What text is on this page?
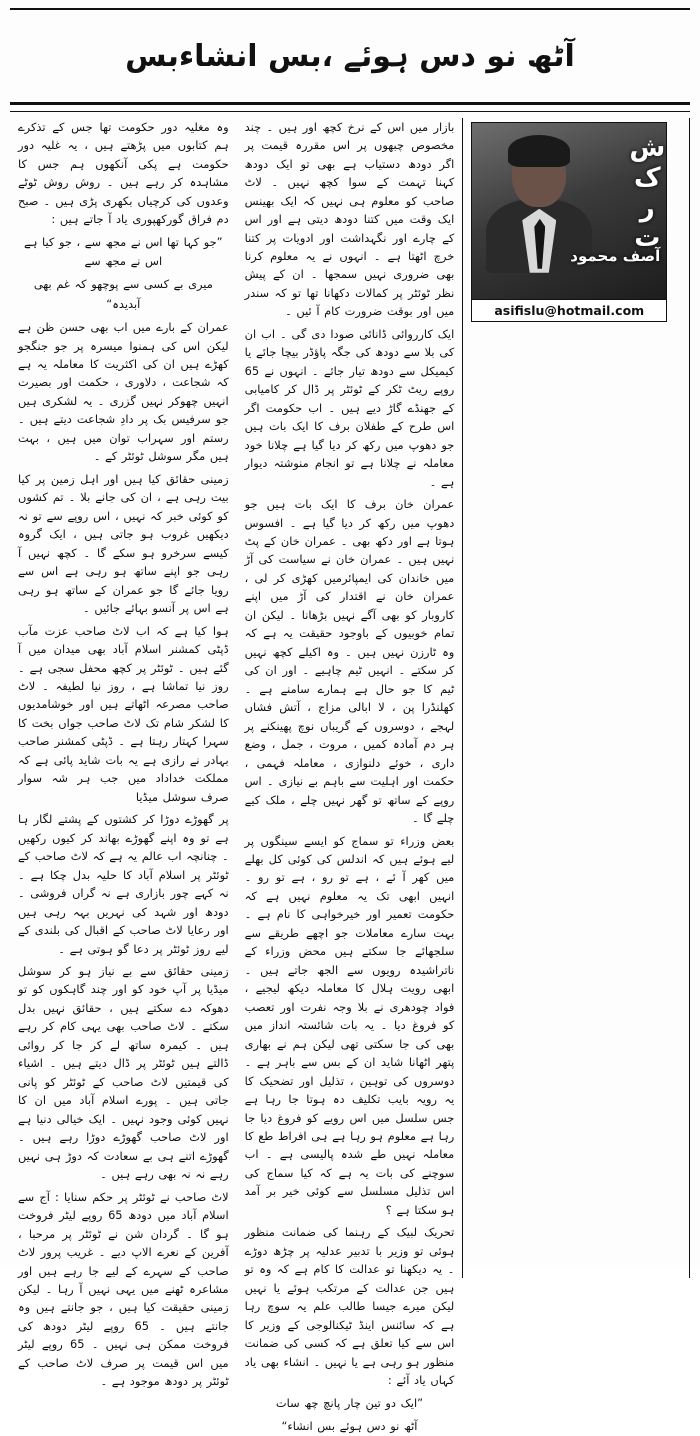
آٹھ نو دس ہوئے ،بس انشاءبس

وہ مغلیہ دور حکومت تھا جس کے تذکرے ہم کتابوں میں پڑھتے ہیں ، یہ غلیہ دور حکومت ہے پکی آنکھوں ہم جس کا مشاہدہ کر رہے ہیں ۔ روش روش ٹوٹے وعدوں کی کرچیاں بکھری پڑی ہیں ۔ صبح دم فراق گورکھپوری یاد آ جاتے ہیں :

”جو کہا تھا اس نے مجھ سے ، جو کیا ہے اس نے مجھ سے

میری بے کسی سے پوچھو کہ غم بھی آبدیدہ“

عمران کے بارے میں اب بھی حسن ظن ہے لیکن اس کی ہمنوا میسرہ پر جو جنگجو کھڑے ہیں ان کی اکثریت کا معاملہ یہ ہے کہ شجاعت ، دلاوری ، حکمت اور بصیرت انہیں چھوکر نہیں گزری ۔ یہ لشکری ہیں جو سرفیس بک پر دادِ شجاعت دیتے ہیں ۔ رستم اور سہراب توان میں ہیں ، بہت ہیں مگر سوشل ٹوئٹر کے ۔

زمینی حقائق کیا ہیں اور اہل زمین پر کیا بیت رہی ہے ، ان کی جانے بلا ۔ تم کشوں کو کوئی خبر کہ نہیں ، اس روپے سے تو نہ دیکھیں غروب ہو جاتی ہیں ، ایک گروہ کیسے سرخرو ہو سکے گا ۔ کچھ نہیں آ رہی جو اپنے ساتھ ہو رہی ہے اس سے رویا جائے گا جو عمران کے ساتھ ہو رہی ہے اس پر آنسو بہائے جائیں ۔

ہوا کیا ہے کہ اب لاٹ صاحب عزت مآب ڈپٹی کمشنر اسلام آباد بھی میدان میں آ گئے ہیں ۔ ٹوئٹر پر کچھ محفل سجی ہے ۔ روز نیا تماشا ہے ، روز نیا لطیفہ ۔ لاٹ صاحب مصرعہ اٹھاتے ہیں اور خوشامدیوں کا لشکر شام تک لاٹ صاحب جواں بخت کا سہرا کہتار رہتا ہے ۔ ڈپٹی کمشنر صاحب بہادر نے رازی ہے یہ بات شاید پائی ہے کہ مملکت خداداد میں جب ہر شہ سوار صرف سوشل میڈیا

پر گھوڑے دوڑا کر کشتوں کے پشتے لگار ہا ہے تو وہ اپنے گھوڑے بھاند کر کیوں رکھیں ۔ چنانچہ اب عالم یہ ہے کہ لاٹ صاحب کے ٹوئٹر پر اسلام آباد کا حلیہ بدل چکا ہے ۔ نہ کہے چور بازاری ہے نہ گراں فروشی ۔ دودھ اور شہد کی نہریں بہہ رہی ہیں اور رعایا لاٹ صاحب کے اقبال کی بلندی کے لیے روز ٹوئٹر پر دعا گو ہوتی ہے ۔

زمینی حقائق سے بے نیاز ہو کر سوشل میڈیا پر آپ خود کو اور چند گاہکوں کو تو دھوکہ دے سکتے ہیں ، حقائق نہیں بدل سکتے ۔ لاٹ صاحب بھی یہی کام کر رہے ہیں ۔ کیمرہ ساتھ لے کر جا کر روائی ڈالتے ہیں ٹوئٹر پر ڈال دیتے ہیں ۔ اشیاء کی قیمتیں لاٹ صاحب کے ٹوئٹر کو پانی جاتی ہیں ۔ پورے اسلام آباد میں ان کا نہیں کوئی وجود نہیں ۔ ایک خیالی دنیا ہے اور لاٹ صاحب گھوڑے دوڑا رہے ہیں ۔ گھوڑے اتنے ہی بے سعادت کہ دوڑ ہی نہیں رہے نہ نہ بھی رہے ہیں ۔

لاٹ صاحب نے ٹوئٹر پر حکم سنایا : آج سے اسلام آباد میں دودھ 65 روپے لیٹر فروخت ہو گا ۔ گردان شن نے ٹوئٹر پر مرحبا ، آفرین کے نعرے الاپ دیے ۔ غریب پرور لاٹ صاحب کے سہرے کے لیے جا رہے ہیں اور مشاعرہ ٹھنے میں یہی نہیں آ رہا ۔ لیکن زمینی حقیقت کیا ہیں ، جو جانتے ہیں وہ جانتے ہیں ۔ 65 روپے لیٹر دودھ کی فروخت ممکن ہی نہیں ۔ 65 روپے لیٹر میں اس قیمت پر صرف لاٹ صاحب کے ٹوئٹر پر دودھ موجود ہے ۔

بازار میں اس کے نرخ کچھ اور ہیں ۔ چند مخصوص چبھوں پر اس مقررہ قیمت پر اگر دودھ دستیاب ہے بھی تو ایک دودھ کہنا تہمت کے سوا کچھ نہیں ۔ لاٹ صاحب کو معلوم ہی نہیں کہ ایک بھینس ایک وقت میں کتنا دودھ دیتی ہے اور اس کے چارے اور نگہداشت اور ادویات پر کتنا خرچ اٹھتا ہے ۔ انہوں نے یہ معلوم کرنا بھی ضروری نہیں سمجھا ۔ ان کے پیش نظر ٹوئٹر پر کمالات دکھانا تھا تو کہ سندر میں اور بوقت ضرورت کام آ ئیں ۔

ایک کارروائی ڈانائی صودا دی گی ۔ اب ان کی بلا سے دودھ کی جگہ پاﺅڈر بیچا جائے یا کیمیکل سے دودھ تیار جائے ۔ انہوں نے 65 روپے ریٹ ٹکر کے ٹوئٹر پر ڈال کر کامیابی کے جھنڈے گاڑ دیے ہیں ۔ اب حکومت اگر اس طرح کے طفلان برف کا ایک بات ہیں جو دھوپ میں رکھ کر دیا گیا ہے چلانا خود معاملہ نے چلانا ہے تو انجام منوشتہ دیوار ہے ۔

عمران خان برف کا ایک بات ہیں جو دھوپ میں رکھ کر دیا گیا ہے ۔ افسوس ہوتا ہے اور دکھ بھی ۔ عمران خان کے پٹ نہیں ہیں ۔ عمران خان نے سیاست کی آڑ میں خاندان کی ایمپائرمیں کھڑی کر لی ، عمران خان نے اقتدار کی آڑ میں اپنے کاروبار کو بھی آگے نہیں بڑھانا ۔ لیکن ان تمام خوبیوں کے باوجود حقیقت یہ ہے کہ وہ ٹارزن نہیں ہیں ۔ وہ اکیلے کچھ نہیں کر سکتے ۔ انہیں ٹیم چاہیے ۔ اور ان کی ٹیم کا جو حال ہے ہمارے سامنے ہے ۔ کھلنڈرا پن ، لا ابالی مزاج ، آتش فشاں لہجے ، دوسروں کے گریباں نوچ پھینکنے پر ہر دم آمادہ کمیں ، مروت ، جمل ، وضع داری ، خوئے دلنوازی ، معاملہ فہمی ، حکمت اور اہلیت سے باہم بے نیازی ۔ اس روپے کے ساتھ تو گھر نہیں چلے ، ملک کیے چلے گا ۔

بعض وزراء تو سماج کو ایسے سینگوں پر لیے ہوئے ہیں کہ اندلس کی کوئی کل بھلے میں کھر آ ئے ، ہے تو رو ، ہے تو رو ۔ انہیں ابھی تک یہ معلوم نہیں ہے کہ حکومت تعمیر اور خیرخواہی کا نام ہے ۔ بہت سارے معاملات جو اچھے طریقے سے سلجھائے جا سکتے ہیں محض وزراء کے ناتراشیدہ رویوں سے الجھ جاتے ہیں ۔ ابھی رویت ہلال کا معاملہ دیکھ لیجیے ، فواد چودھری نے بلا وجہ نفرت اور تعصب کو فروغ دیا ۔ یہ بات شائستہ انداز میں بھی کی جا سکتی تھی لیکن ہم نے بھاری پتھر اٹھانا شاید ان کے بس سے باہر ہے ۔ دوسروں کی توہین ، تذلیل اور تضحیک کا یہ رویہ بایب تکلیف دہ ہوتا جا رہا ہے جس سلسل میں اس رویے کو فروغ دیا جا رہا ہے معلوم ہو رہا ہے ہی افراط طع کا معاملہ نہیں طے شدہ پالیسی ہے ۔ اب سوچنے کی بات یہ ہے کہ کیا سماج کی اس تذلیل مسلسل سے کوئی خیر بر آمد ہو سکتا ہے ؟

تحریک لبیک کے رہنما کی ضمانت منظور ہوئی تو وزیر با تدبیر عدلیہ پر چڑھ دوڑے ۔ یہ دیکھنا تو عدالت کا کام ہے کہ وہ تو ہیں جن عدالت کے مرتکب ہوئے یا نہیں لیکن میرے جیسا طالب علم یہ سوچ رہا ہے کہ سائنس اینڈ ٹیکنالوجی کے وزیر کا اس سے کیا تعلق ہے کہ کسی کی ضمانت منظور ہو رہی ہے یا نہیں ۔ انشاء بھی یاد کہاں یاد آئے :

”ایک دو تین چار پانچ چھ سات

آٹھ نو دس ہوئے بس انشاء“

ترکش
آصف محمود
asifislu@hotmail.com
